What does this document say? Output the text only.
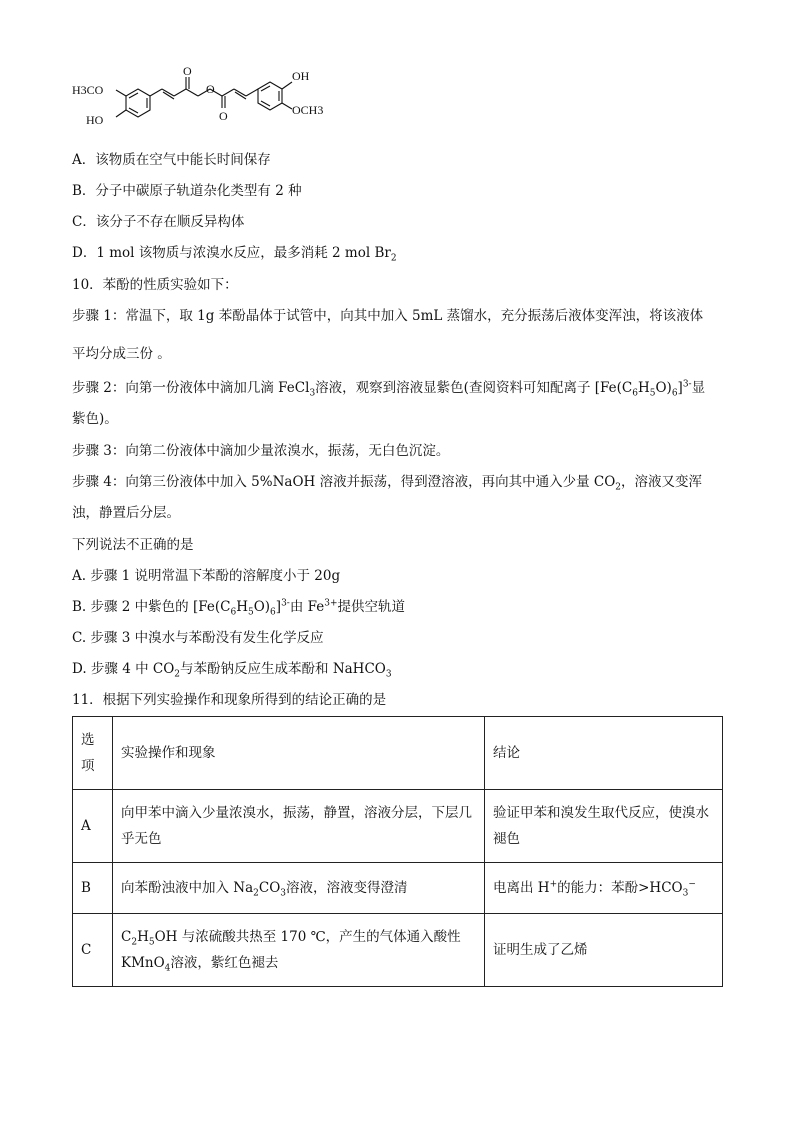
H3CO
HO
O
O
O
OH
OCH3
A．该物质在空气中能长时间保存
B．分子中碳原子轨道杂化类型有 2 种
C．该分子不存在顺反异构体
D．1 mol 该物质与浓溴水反应，最多消耗 2 mol $Br_2$
10．苯酚的性质实验如下：
步骤 1：常温下，取 1g 苯酚晶体于试管中，向其中加入 5mL 蒸馏水，充分振荡后液体变浑浊，将该液体
平均分成三份 。
步骤 2：向第一份液体中滴加几滴 FeCl$_3$溶液，观察到溶液显紫色(查阅资料可知配离子 $[Fe(C_6H_5O)_6]^{3-}$显
紫色)。
步骤 3：向第二份液体中滴加少量浓溴水，振荡，无白色沉淀。
步骤 4：向第三份液体中加入 5%NaOH 溶液并振荡，得到澄溶液，再向其中通入少量 $CO_2$，溶液又变浑
浊，静置后分层。
下列说法不正确的是
A. 步骤 1 说明常温下苯酚的溶解度小于 20g
B. 步骤 2 中紫色的 $[Fe(C_6H_5O)_6]^{3-}$由 $Fe^{3+}$提供空轨道
C. 步骤 3 中溴水与苯酚没有发生化学反应
D. 步骤 4 中 $CO_2$与苯酚钠反应生成苯酚和 NaHCO$_3$
11．根据下列实验操作和现象所得到的结论正确的是
选项	实验操作和现象	结论
A	向甲苯中滴入少量浓溴水，振荡，静置，溶液分层，下层几乎无色	验证甲苯和溴发生取代反应，使溴水褪色
B	向苯酚浊液中加入 $Na_2CO_3$溶液，溶液变得澄清	电离出 H+的能力：苯酚$>HCO_3^-$
C	$C_2H_5OH$ 与浓硫酸共热至 170 ℃，产生的气体通入酸性 KMnO$_4$溶液，紫红色褪去	证明生成了乙烯
